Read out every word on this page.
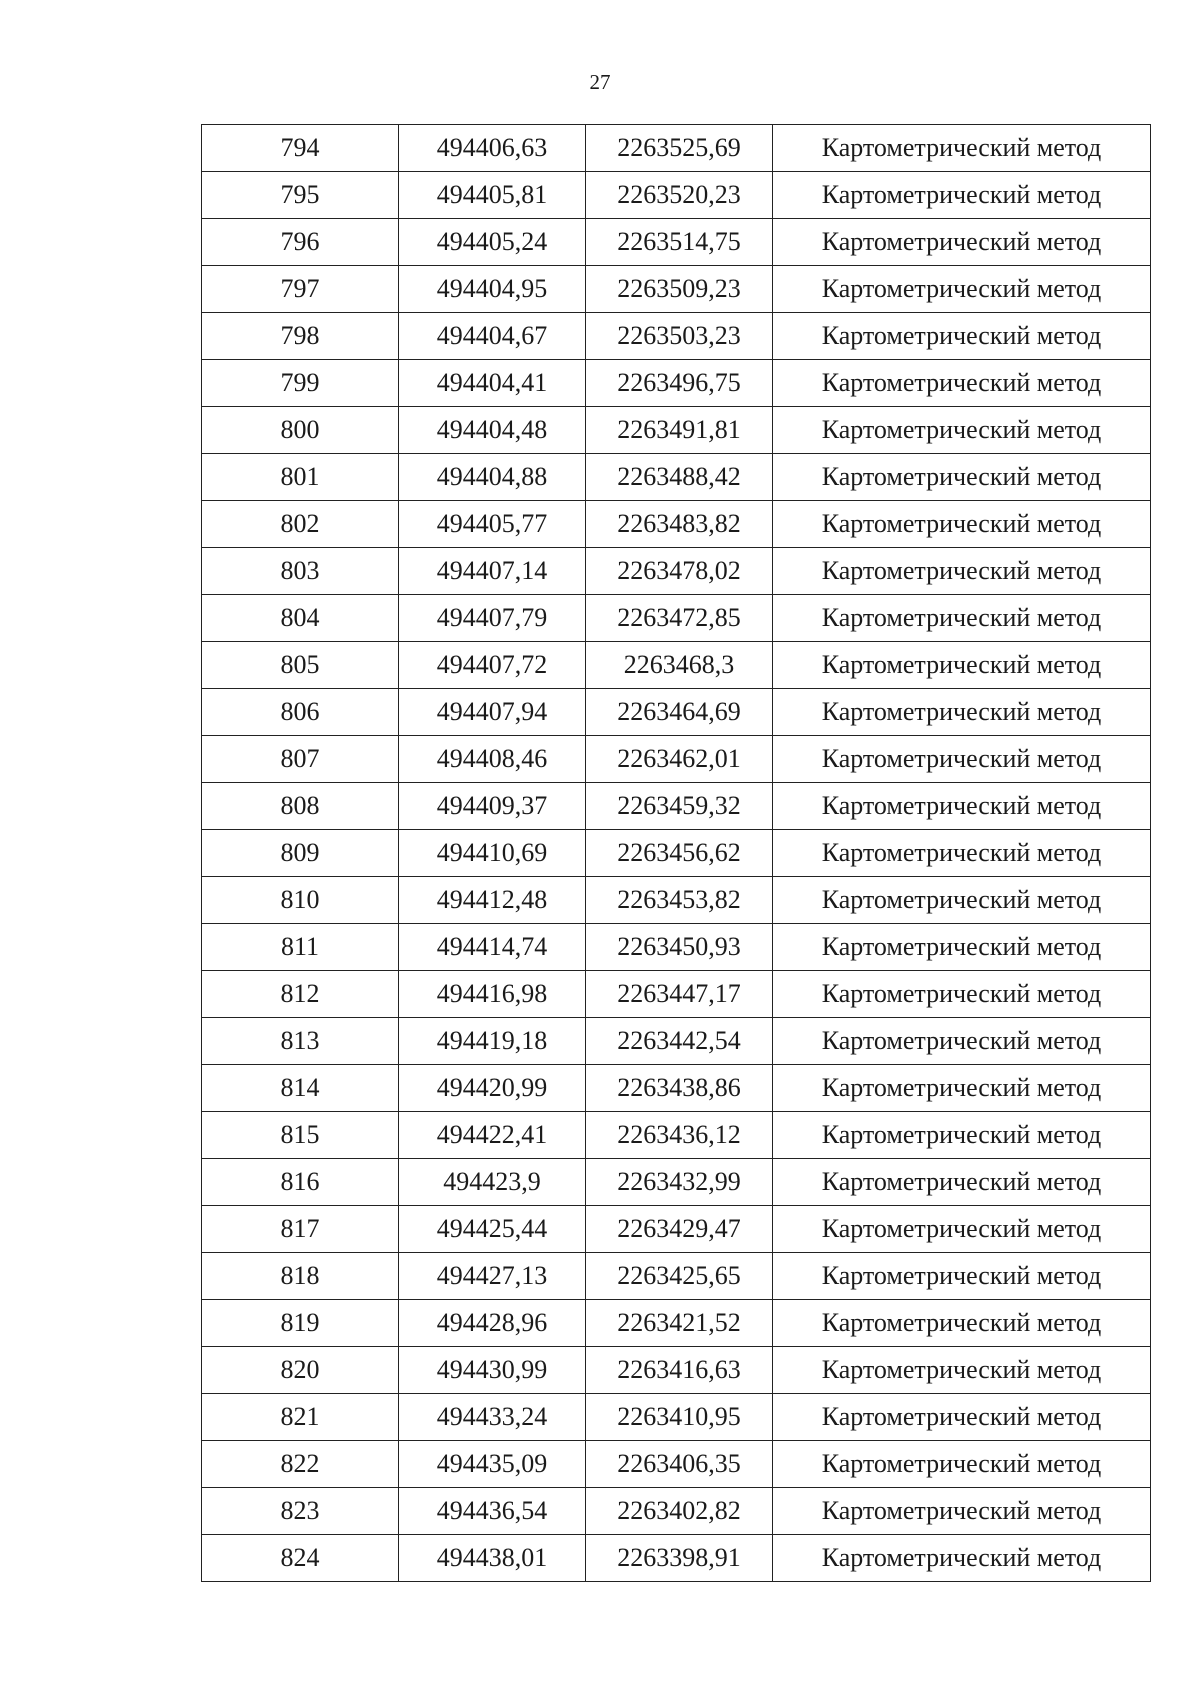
27
794	494406,63	2263525,69	Картометрический метод
795	494405,81	2263520,23	Картометрический метод
796	494405,24	2263514,75	Картометрический метод
797	494404,95	2263509,23	Картометрический метод
798	494404,67	2263503,23	Картометрический метод
799	494404,41	2263496,75	Картометрический метод
800	494404,48	2263491,81	Картометрический метод
801	494404,88	2263488,42	Картометрический метод
802	494405,77	2263483,82	Картометрический метод
803	494407,14	2263478,02	Картометрический метод
804	494407,79	2263472,85	Картометрический метод
805	494407,72	2263468,3	Картометрический метод
806	494407,94	2263464,69	Картометрический метод
807	494408,46	2263462,01	Картометрический метод
808	494409,37	2263459,32	Картометрический метод
809	494410,69	2263456,62	Картометрический метод
810	494412,48	2263453,82	Картометрический метод
811	494414,74	2263450,93	Картометрический метод
812	494416,98	2263447,17	Картометрический метод
813	494419,18	2263442,54	Картометрический метод
814	494420,99	2263438,86	Картометрический метод
815	494422,41	2263436,12	Картометрический метод
816	494423,9	2263432,99	Картометрический метод
817	494425,44	2263429,47	Картометрический метод
818	494427,13	2263425,65	Картометрический метод
819	494428,96	2263421,52	Картометрический метод
820	494430,99	2263416,63	Картометрический метод
821	494433,24	2263410,95	Картометрический метод
822	494435,09	2263406,35	Картометрический метод
823	494436,54	2263402,82	Картометрический метод
824	494438,01	2263398,91	Картометрический метод
